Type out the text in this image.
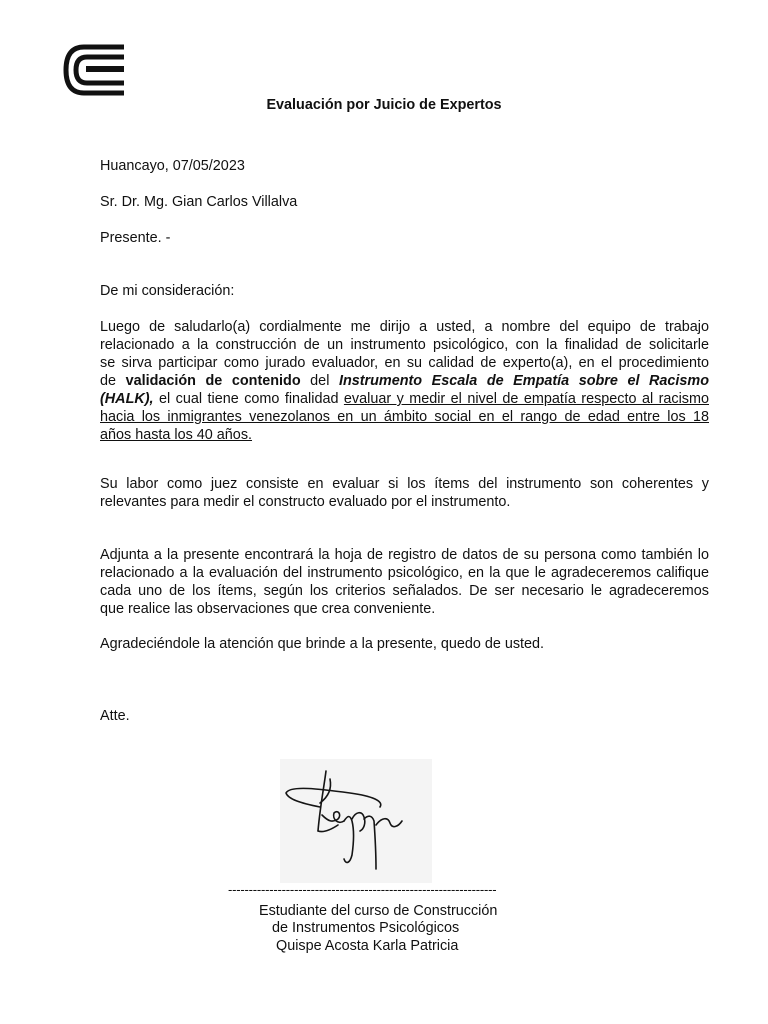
Evaluación por Juicio de Expertos
Huancayo, 07/05/2023
Sr. Dr. Mg. Gian Carlos Villalva
Presente. -
De mi consideración:
Luego de saludarlo(a) cordialmente me dirijo a usted, a nombre del equipo de trabajo
relacionado a la construcción de un instrumento psicológico, con la finalidad de solicitarle
se sirva participar como jurado evaluador, en su calidad de experto(a), en el procedimiento
de validación de contenido del Instrumento Escala de Empatía sobre el Racismo
(HALK), el cual tiene como finalidad evaluar y medir el nivel de empatía respecto al racismo
hacia los inmigrantes venezolanos en un ámbito social en el rango de edad entre los 18
años hasta los 40 años.
Su labor como juez consiste en evaluar si los ítems del instrumento son coherentes y
relevantes para medir el constructo evaluado por el instrumento.
Adjunta a la presente encontrará la hoja de registro de datos de su persona como también lo
relacionado a la evaluación del instrumento psicológico, en la que le agradeceremos califique
cada uno de los ítems, según los criterios señalados. De ser necesario le agradeceremos
que realice las observaciones que crea conveniente.
Agradeciéndole la atención que brinde a la presente, quedo de usted.
Atte.
-----------------------------------------------------------------
Estudiante del curso de Construcción
de Instrumentos Psicológicos
Quispe Acosta Karla Patricia
